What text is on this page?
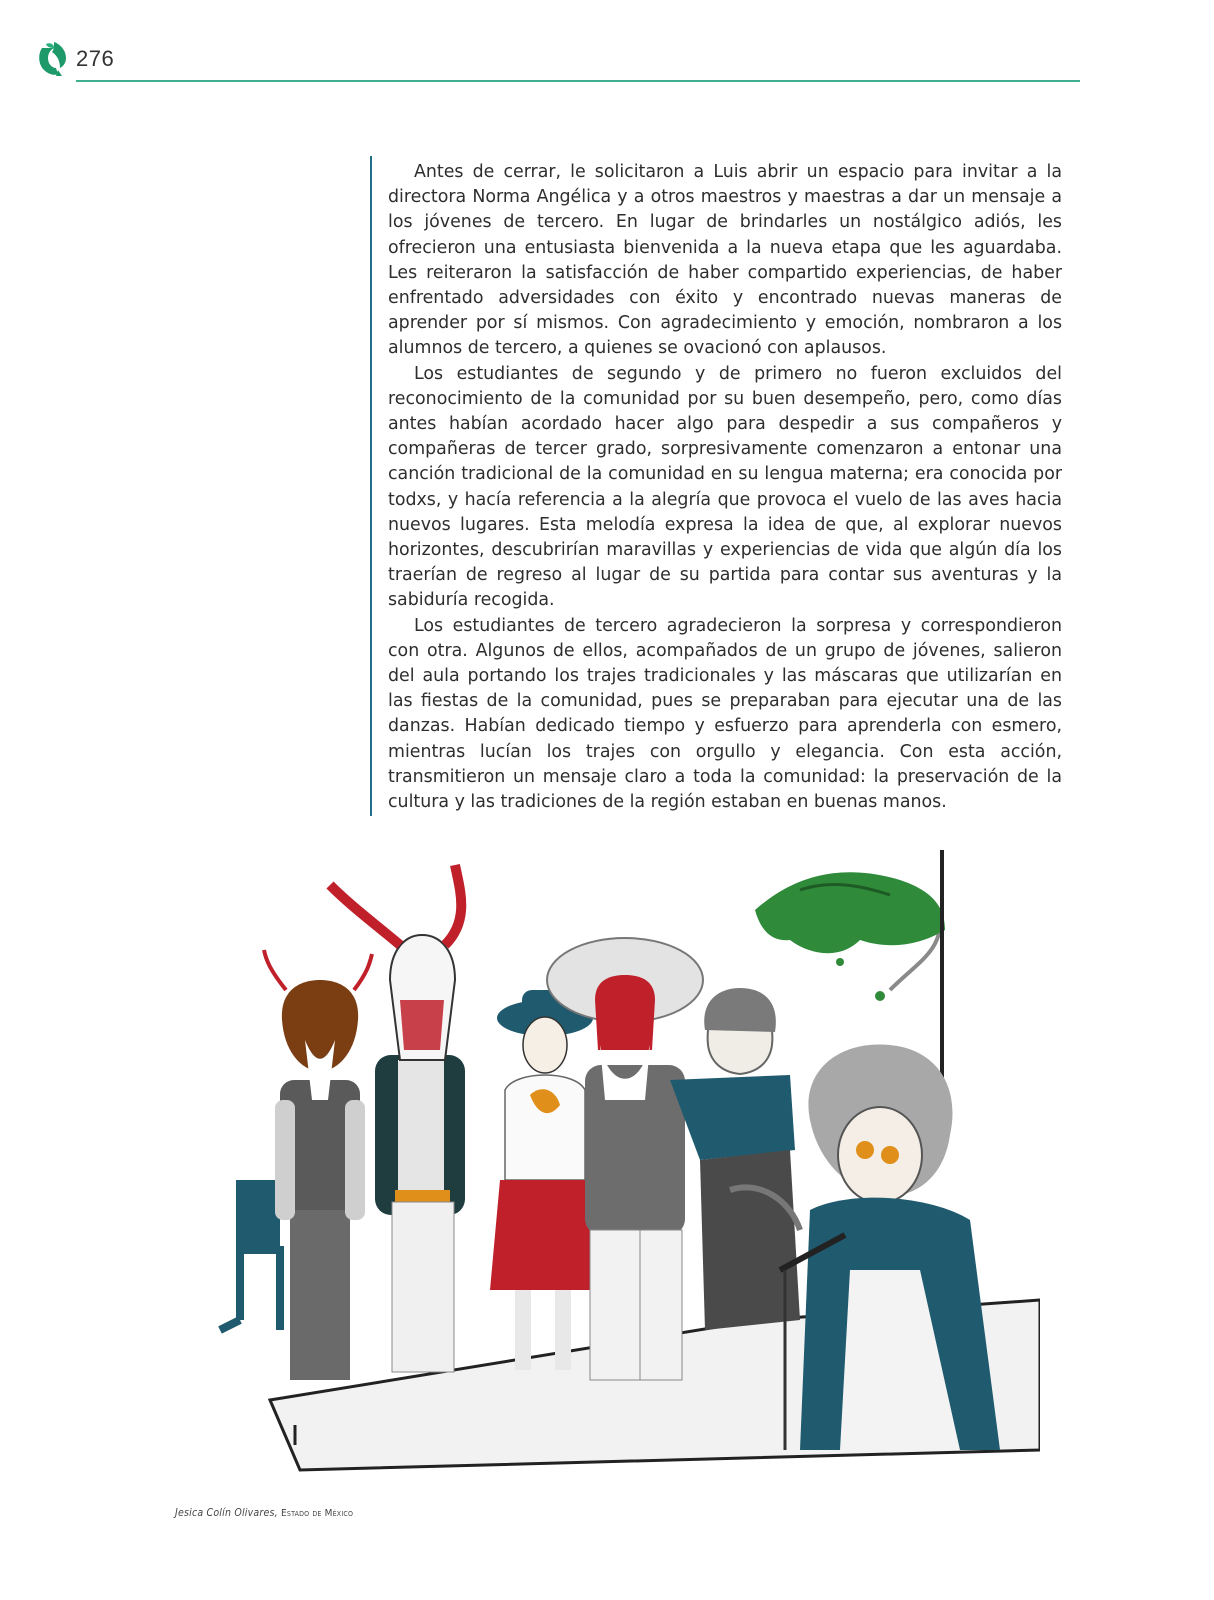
276

Antes de cerrar, le solicitaron a Luis abrir un espacio para invitar a la directora Norma Angélica y a otros maestros y maestras a dar un mensaje a los jóvenes de tercero. En lugar de brindarles un nostálgico adiós, les ofrecieron una entusiasta bienvenida a la nueva etapa que les aguardaba. Les reiteraron la satisfacción de haber compartido experiencias, de haber enfrentado adversidades con éxito y encontrado nuevas maneras de aprender por sí mismos. Con agradecimiento y emoción, nombraron a los alumnos de tercero, a quienes se ovacionó con aplausos.

Los estudiantes de segundo y de primero no fueron excluidos del reconocimiento de la comunidad por su buen desempeño, pero, como días antes habían acordado hacer algo para despedir a sus compañeros y compañeras de tercer grado, sorpresivamente comenzaron a entonar una canción tradicional de la comunidad en su lengua materna; era conocida por todxs, y hacía referencia a la alegría que provoca el vuelo de las aves hacia nuevos lugares. Esta melodía expresa la idea de que, al explorar nuevos horizontes, descubrirían maravillas y experiencias de vida que algún día los traerían de regreso al lugar de su partida para contar sus aventuras y la sabiduría recogida.

Los estudiantes de tercero agradecieron la sorpresa y correspondieron con otra. Algunos de ellos, acompañados de un grupo de jóvenes, salieron del aula portando los trajes tradicionales y las máscaras que utilizarían en las fiestas de la comunidad, pues se preparaban para ejecutar una de las danzas. Habían dedicado tiempo y esfuerzo para aprenderla con esmero, mientras lucían los trajes con orgullo y elegancia. Con esta acción, transmitieron un mensaje claro a toda la comunidad: la preservación de la cultura y las tradiciones de la región estaban en buenas manos.

Jesica Colín Olivares, Estado de México
